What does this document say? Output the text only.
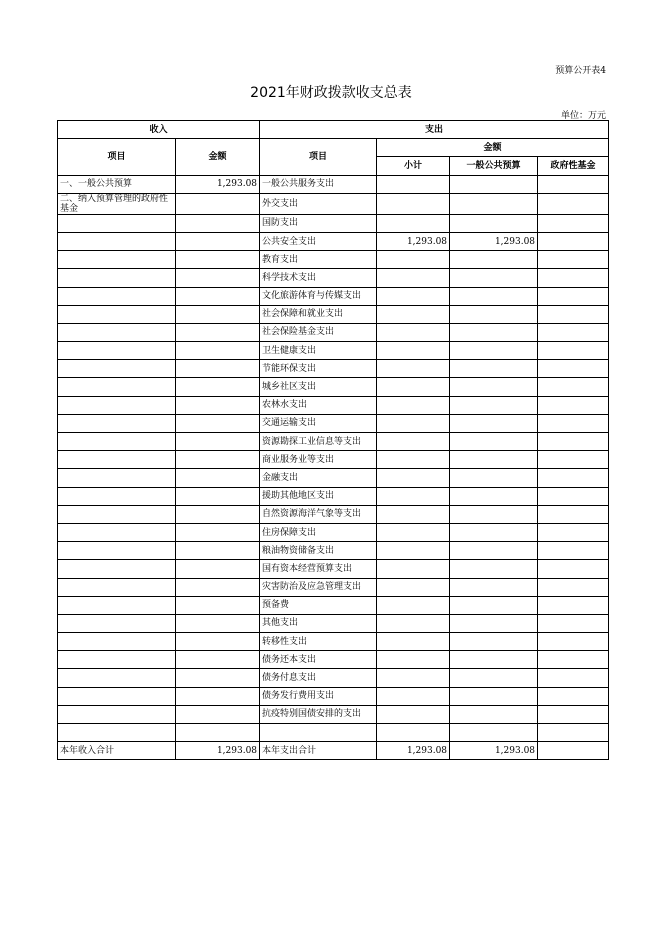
预算公开表4
2021年财政拨款收支总表
单位：万元
收入		支出			
项目	金额	项目	金额		
			小计	一般公共预算	政府性基金
一、一般公共预算	1,293.08	一般公共服务支出			
二、纳入预算管理的政府性基金		外交支出			
		国防支出			
		公共安全支出	1,293.08	1,293.08	
		教育支出			
		科学技术支出			
		文化旅游体育与传媒支出			
		社会保障和就业支出			
		社会保险基金支出			
		卫生健康支出			
		节能环保支出			
		城乡社区支出			
		农林水支出			
		交通运输支出			
		资源勘探工业信息等支出			
		商业服务业等支出			
		金融支出			
		援助其他地区支出			
		自然资源海洋气象等支出			
		住房保障支出			
		粮油物资储备支出			
		国有资本经营预算支出			
		灾害防治及应急管理支出			
		预备费			
		其他支出			
		转移性支出			
		债务还本支出			
		债务付息支出			
		债务发行费用支出			
		抗疫特别国债安排的支出			

本年收入合计	1,293.08	本年支出合计	1,293.08	1,293.08	
